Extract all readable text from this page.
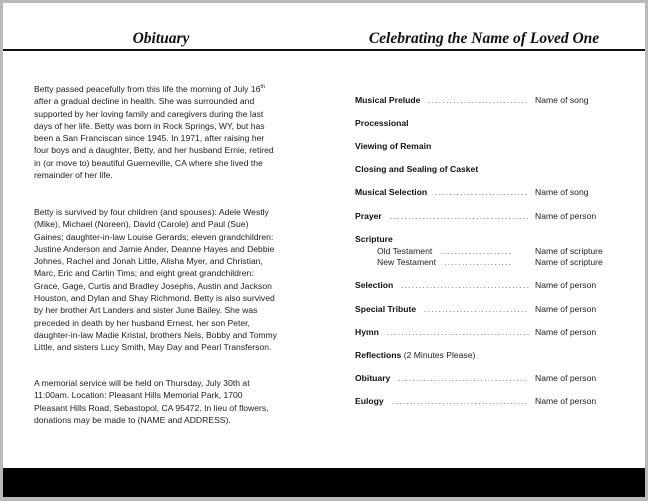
Obituary	Celebrating the Name of Loved One
Betty passed peacefully from this life the morning of July 16th
after a gradual decline in health. She was surrounded and
supported by her loving family and caregivers during the last
days of her life. Betty was born in Rock Springs, WY, but has
been a San Franciscan since 1945. In 1971, after raising her
four boys and a daughter, Betty, and her husband Ernie, retired
in (or move to) beautiful Guerneville, CA where she lived the
remainder of her life.
Betty is survived by four children (and spouses): Adele Westly
(Mike), Michael (Noreen), David (Carole) and Paul (Sue)
Gaines; daughter-in-law Louise Gerards; eleven grandchildren:
Justine Anderson and Jamie Ander, Deanne Hayes and Debbie
Johnes, Rachel and Jonah Little, Alisha Myer, and Christian,
Marc, Eric and Carlin Tims; and eight great grandchildren:
Grace, Gage, Curtis and Bradley Josephs, Austin and Jackson
Houston, and Dylan and Shay Richmond. Betty is also survived
by her brother Art Landers and sister June Bailey. She was
preceded in death by her husband Ernest, her son Peter,
daughter-in-law Madie Kristal, brothers Nels, Bobby and Tommy
Little, and sisters Lucy Smith, May Day and Pearl Transferson.
A memorial service will be held on Thursday, July 30th at
11:00am. Location: Pleasant Hills Memorial Park, 1700
Pleasant Hills Road, Sebastopol, CA 95472. In lieu of flowers,
donations may be made to (NAME and ADDRESS).
Musical Prelude ............................ Name of song
Processional
Viewing of Remain
Closing and Sealing of Casket
Musical Selection .......................... Name of song
Prayer ....................................... Name of person
Scripture
Old Testament ....................	Name of scripture
New Testament ...................	Name of scripture
Selection .................................... Name of person
Special Tribute ............................. Name of person
Hymn ........................................ Name of person
Reflections (2 Minutes Please)
Obituary .................................... Name of person
Eulogy ...................................... Name of person
